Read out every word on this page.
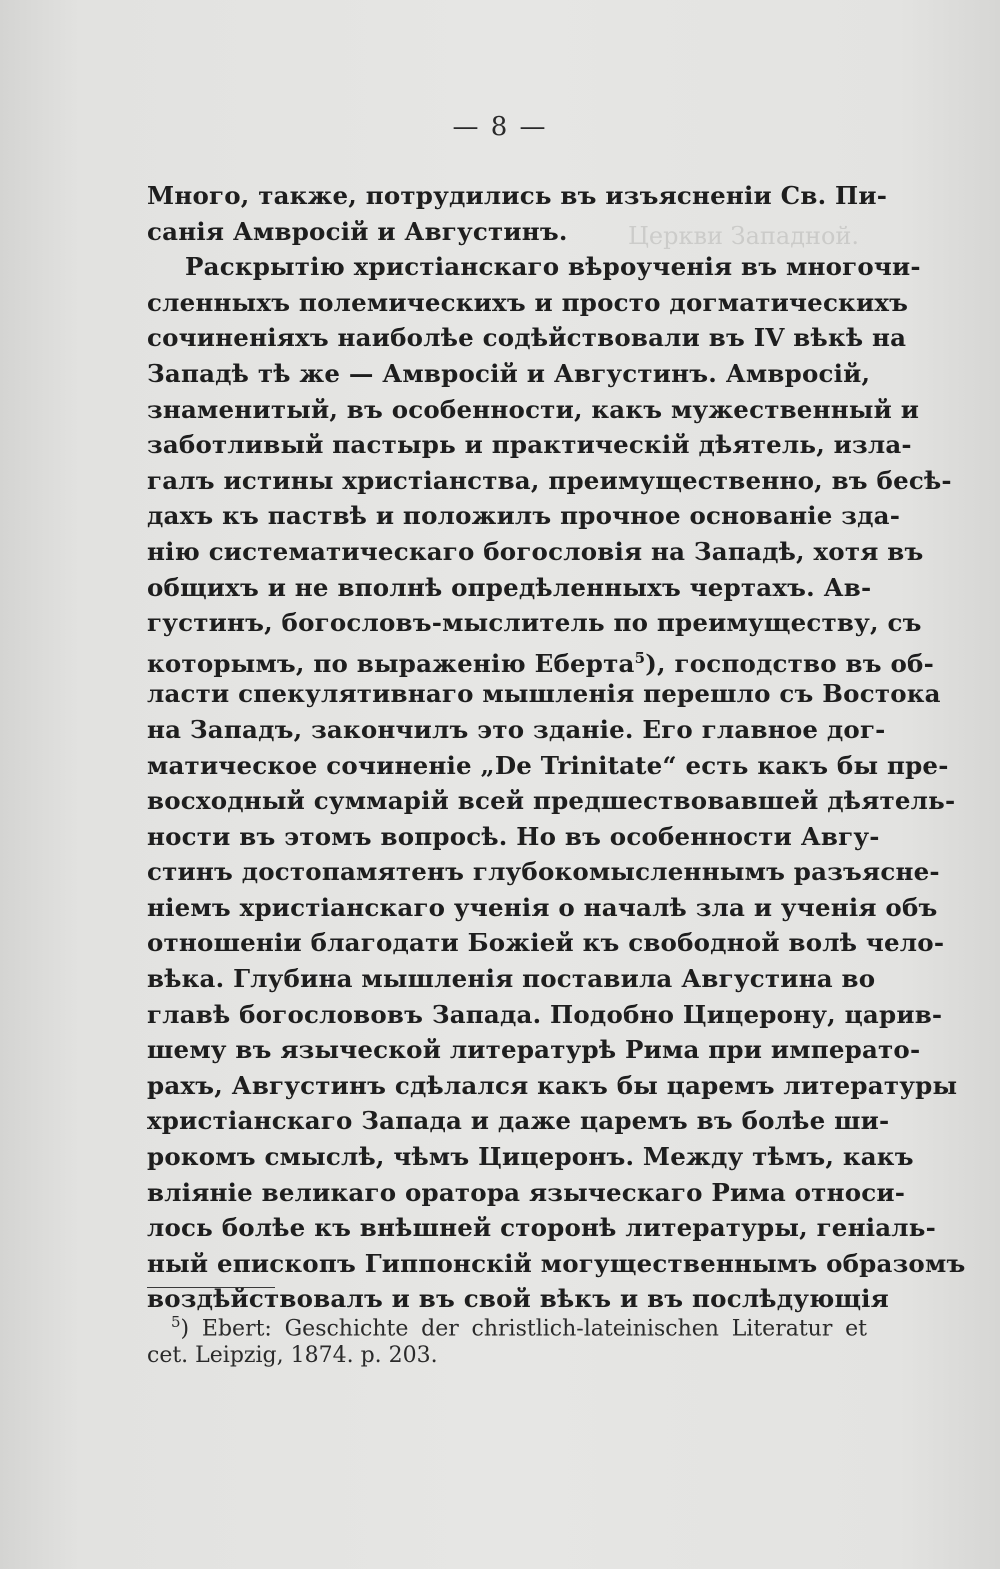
Церкви Западной.
— 8 —
Много, также, потрудились въ изъясненіи Св. Пи-
санія Амвросій и Августинъ.
Раскрытію христіанскаго вѣроученія въ многочи-
сленныхъ полемическихъ и просто догматическихъ
сочиненіяхъ наиболѣе содѣйствовали въ IV вѣкѣ на
Западѣ тѣ же — Амвросій и Августинъ. Амвросій,
знаменитый, въ особенности, какъ мужественный и
заботливый пастырь и практическій дѣятель, изла-
галъ истины христіанства, преимущественно, въ бесѣ-
дахъ къ паствѣ и положилъ прочное основаніе зда-
нію систематическаго богословія на Западѣ, хотя въ
общихъ и не вполнѣ опредѣленныхъ чертахъ. Ав-
густинъ, богословъ-мыслитель по преимуществу, съ
которымъ, по выраженію Еберта$^5$), господство въ об-
ласти спекулятивнаго мышленія перешло съ Востока
на Западъ, закончилъ это зданіе. Его главное дог-
матическое сочиненіе „De Trinitate“ есть какъ бы пре-
восходный суммарій всей предшествовавшей дѣятель-
ности въ этомъ вопросѣ. Но въ особенности Авгу-
стинъ достопамятенъ глубокомысленнымъ разъясне-
ніемъ христіанскаго ученія о началѣ зла и ученія объ
отношеніи благодати Божіей къ свободной волѣ чело-
вѣка. Глубина мышленія поставила Августина во
главѣ богослововъ Запада. Подобно Цицерону, царив-
шему въ языческой литературѣ Рима при императо-
рахъ, Августинъ сдѣлался какъ бы царемъ литературы
христіанскаго Запада и даже царемъ въ болѣе ши-
рокомъ смыслѣ, чѣмъ Цицеронъ. Между тѣмъ, какъ
вліяніе великаго оратора языческаго Рима относи-
лось болѣе къ внѣшней сторонѣ литературы, геніаль-
ный епископъ Гиппонскій могущественнымъ образомъ
воздѣйствовалъ и въ свой вѣкъ и въ послѣдующія
$^5$) Ebert: Geschichte der christlich-lateinischen Literatur et
cet. Leipzig, 1874. p. 203.
